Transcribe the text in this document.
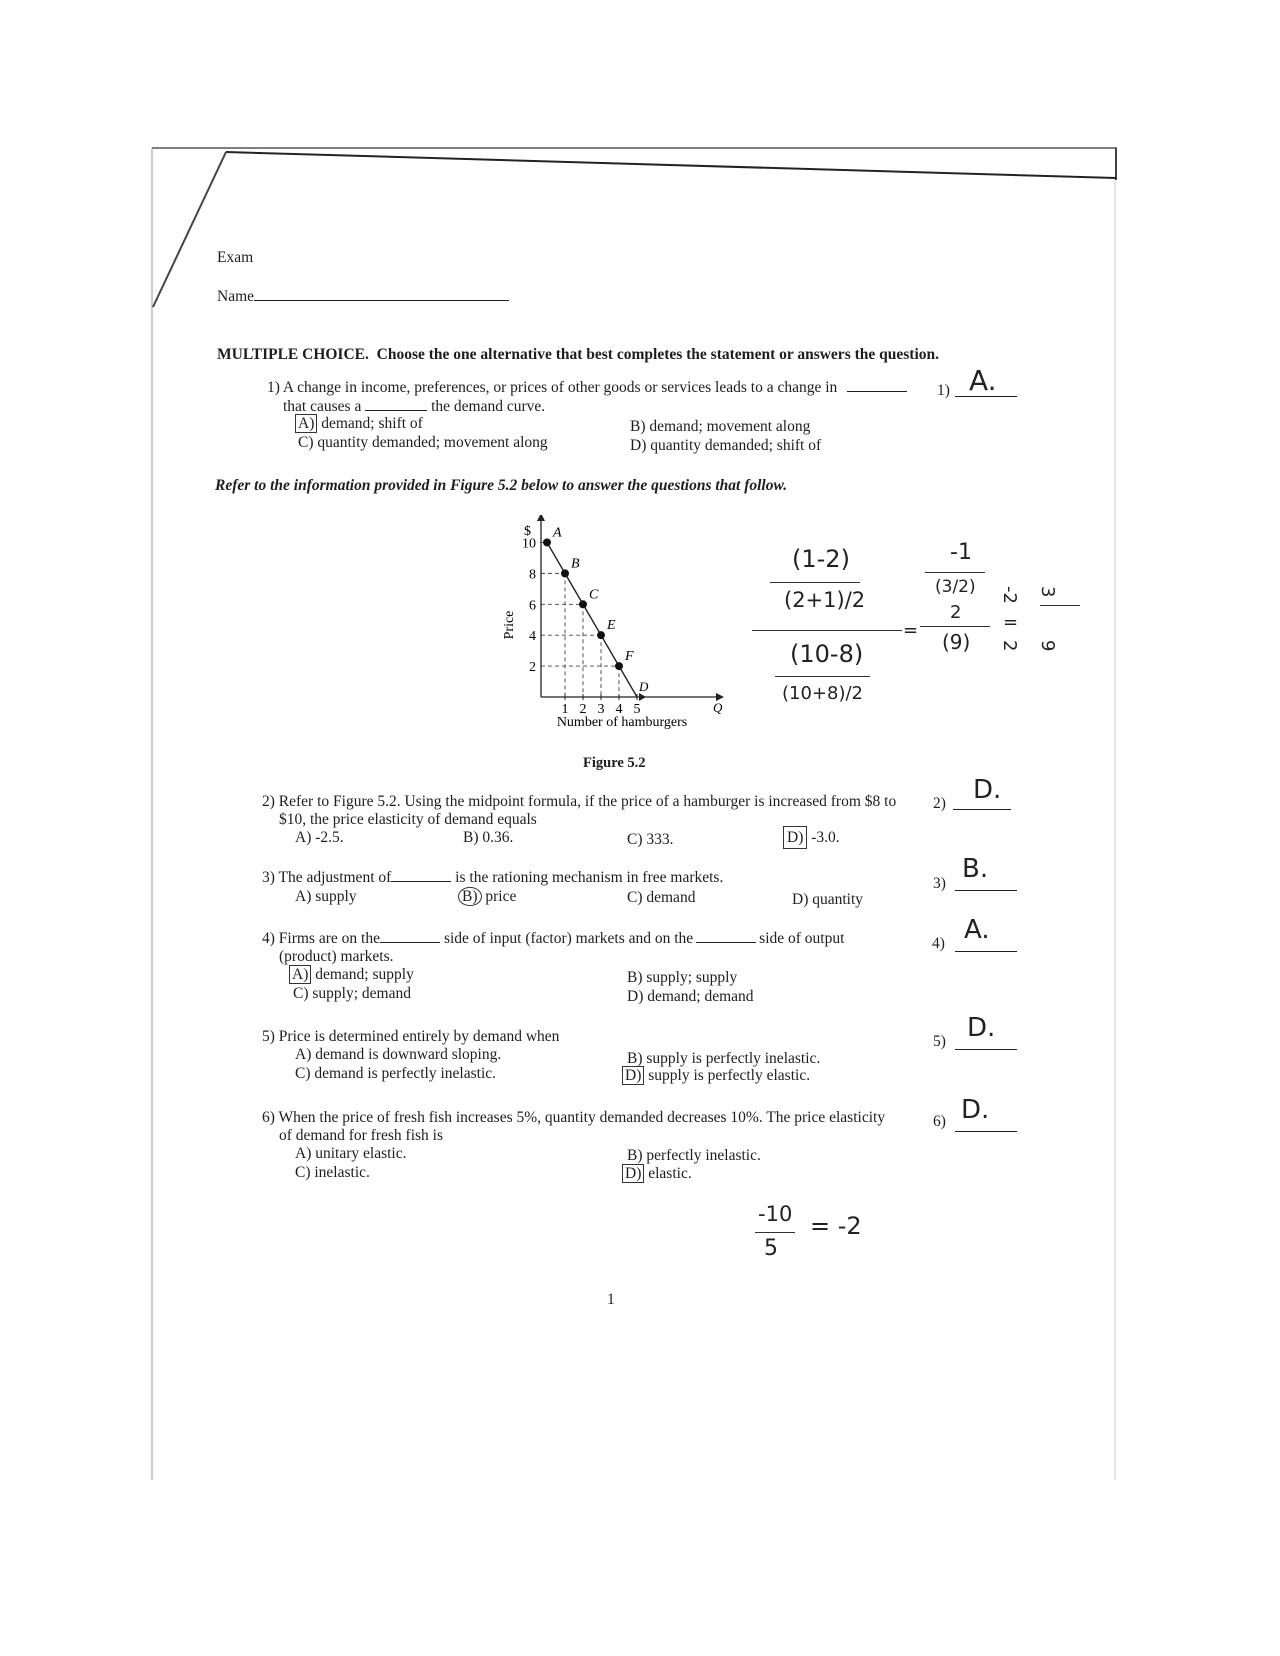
Exam
Name
MULTIPLE CHOICE. Choose the one alternative that best completes the statement or answers the question.
1) A change in income, preferences, or prices of other goods or services leads to a change in
that causes a	the demand curve.
A) demand; shift of	B) demand; movement along
C) quantity demanded; movement along	D) quantity demanded; shift of
1) A.
Refer to the information provided in Figure 5.2 below to answer the questions that follow.
2
4
6
8
10
1 2 3 4 5
D
A
B
C
E
F
Price
$
Number of hamburgers
Q
Figure 5.2
(1-2)
(2+1)/2
(10-8)
(10+8)/2
=
-1
(3/2)
2
(9)
=
-2 3
2 9
2) Refer to Figure 5.2. Using the midpoint formula, if the price of a hamburger is increased from $8 to
$10, the price elasticity of demand equals
A) -2.5.	B) 0.36.	C) 333.	D) -3.0.
2) D.
3) The adjustment of	is the rationing mechanism in free markets.
A) supply	B) price	C) demand	D) quantity
3) B.
4) Firms are on the	side of input (factor) markets and on the	side of output
(product) markets.
A) demand; supply	B) supply; supply
C) supply; demand	D) demand; demand
4) A.
5) Price is determined entirely by demand when
A) demand is downward sloping.	B) supply is perfectly inelastic.
C) demand is perfectly inelastic.	D) supply is perfectly elastic.
5) D.
6) When the price of fresh fish increases 5%, quantity demanded decreases 10%. The price elasticity
of demand for fresh fish is
A) unitary elastic.	B) perfectly inelastic.
C) inelastic.	D) elastic.
6) D.
-10
5
= -2
1
